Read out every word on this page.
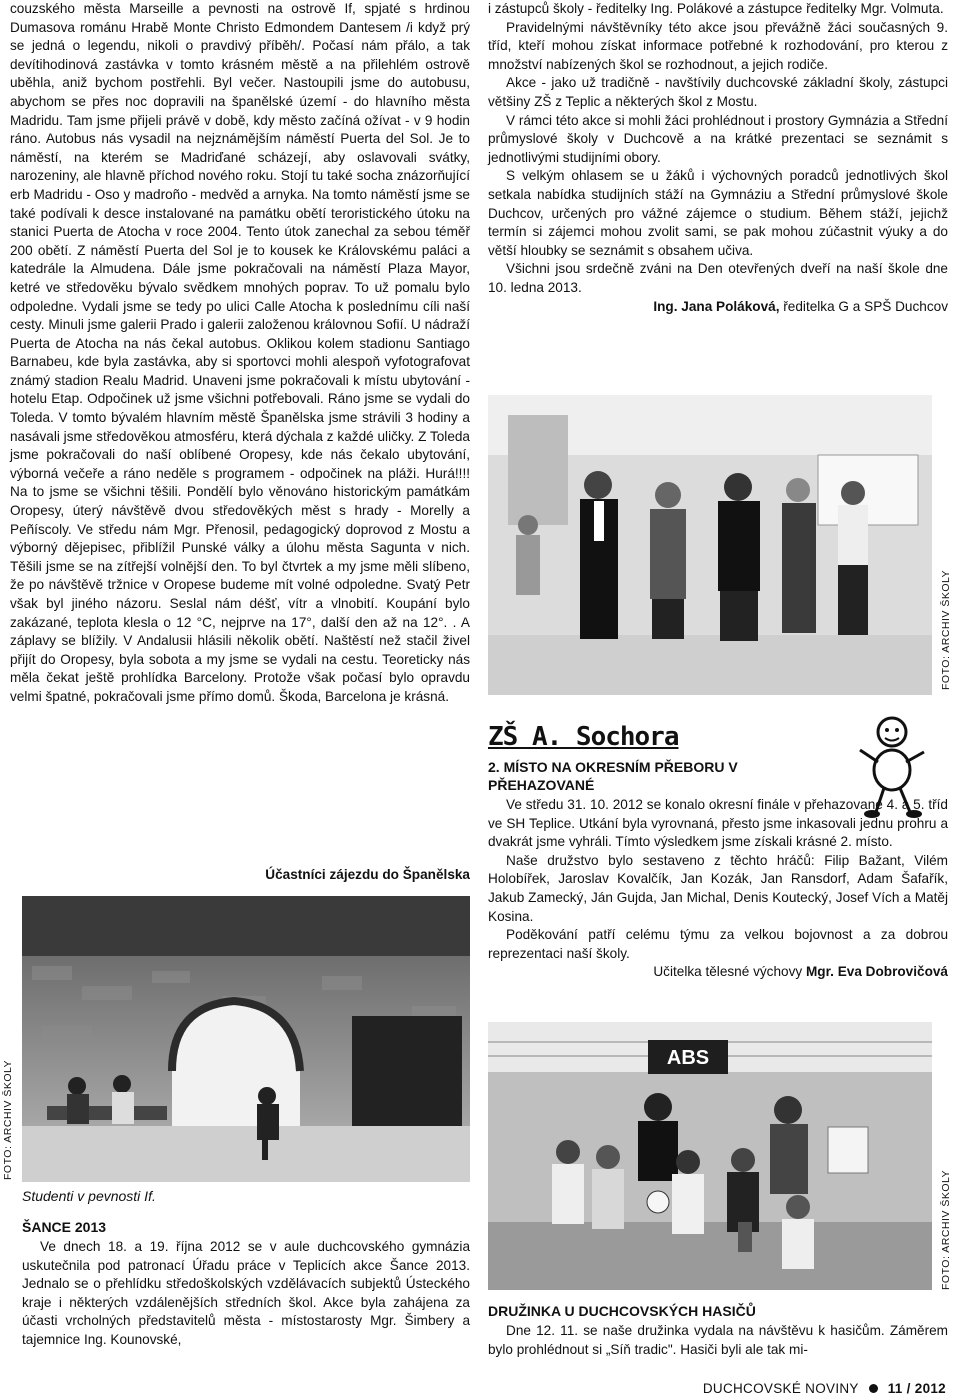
couzského města Marseille a pevnosti na ostrově If, spjaté s hrdinou Dumasova románu Hrabě Monte Christo Edmondem Dantesem /i když prý se jedná o legendu, nikoli o pravdivý příběh/. Počasí nám přálo, a tak devítihodinová zastávka v tomto krásném městě a na přilehlém ostrově uběhla, aniž bychom postřehli. Byl večer. Nastoupili jsme do autobusu, abychom se přes noc dopravili na španělské území - do hlavního města Madridu. Tam jsme přijeli právě v době, kdy město začíná ožívat - v 9 hodin ráno. Autobus nás vysadil na nejznámějším náměstí Puerta del Sol. Je to náměstí, na kterém se Madriďané scházejí, aby oslavovali svátky, narozeniny, ale hlavně příchod nového roku. Stojí tu také socha znázorňující erb Madridu - Oso y madroño - medvěd a arnyka. Na tomto náměstí jsme se také podívali k desce instalované na památku obětí teroristického útoku na stanici Puerta de Atocha v roce 2004. Tento útok zanechal za sebou téměř 200 obětí. Z náměstí Puerta del Sol je to kousek ke Královskému paláci a katedrále la Almudena. Dále jsme pokračovali na náměstí Plaza Mayor, ketré ve středověku bývalo svědkem mnohých poprav. To už pomalu bylo odpoledne. Vydali jsme se tedy po ulici Calle Atocha k poslednímu cíli naší cesty. Minuli jsme galerii Prado i galerii založenou královnou Sofií. U nádraží Puerta de Atocha na nás čekal autobus. Oklikou kolem stadionu Santiago Barnabeu, kde byla zastávka, aby si sportovci mohli alespoň vyfotografovat známý stadion Realu Madrid. Unaveni jsme pokračovali k místu ubytování - hotelu Etap. Odpočinek už jsme všichni potřebovali. Ráno jsme se vydali do Toleda. V tomto bývalém hlavním městě Španělska jsme strávili 3 hodiny a nasávali jsme středověkou atmosféru, která dýchala z každé uličky. Z Toleda jsme pokračovali do naší oblíbené Oropesy, kde nás čekalo ubytování, výborná večeře a ráno neděle s programem - odpočinek na pláži. Hurá!!!! Na to jsme se všichni těšili. Pondělí bylo věnováno historickým památkám Oropesy, úterý návštěvě dvou středověkých měst s hrady - Morelly a Peñíscoly. Ve středu nám Mgr. Přenosil, pedagogický doprovod z Mostu a výborný dějepisec, přiblížil Punské války a úlohu města Sagunta v nich. Těšili jsme se na zítřejší volnější den. To byl čtvrtek a my jsme měli slíbeno, že po návštěvě tržnice v Oropese budeme mít volné odpoledne. Svatý Petr však byl jiného názoru. Seslal nám déšť, vítr a vlnobití. Koupání bylo zakázané, teplota klesla o 12 °C, nejprve na 17°, další den až na 12°. . A záplavy se blížily. V Andalusii hlásili několik obětí. Naštěstí než stačil živel přijít do Oropesy, byla sobota a my jsme se vydali na cestu. Teoreticky nás měla čekat ještě prohlídka Barcelony. Protože však počasí bylo opravdu velmi špatné, pokračovali jsme přímo domů. Škoda, Barcelona je krásná.

Účastníci zájezdu do Španělska

FOTO: ARCHIV ŠKOLY

Studenti v pevnosti If.

ŠANCE 2013

Ve dnech 18. a 19. října 2012 se v aule duchcovského gymnázia uskutečnila pod patronací Úřadu práce v Teplicích akce Šance 2013. Jednalo se o přehlídku středoškolských vzdělávacích subjektů Ústeckého kraje i některých vzdálenějších středních škol. Akce byla zahájena za účasti vrcholných představitelů města - místostarosty Mgr. Šimbery a tajemnice Ing. Kounovské,

i zástupců školy - ředitelky Ing. Polákové a zástupce ředitelky Mgr. Volmuta.

Pravidelnými návštěvníky této akce jsou převážně žáci současných 9. tříd, kteří mohou získat informace potřebné k rozhodování, pro kterou z množství nabízených škol se rozhodnout, a jejich rodiče.

Akce - jako už tradičně - navštívily duchcovské základní školy, zástupci většiny ZŠ z Teplic a některých škol z Mostu.

V rámci této akce si mohli žáci prohlédnout i prostory Gymnázia a Střední průmyslové školy v Duchcově a na krátké prezentaci se seznámit s jednotlivými studijními obory.

S velkým ohlasem se u žáků i výchovných poradců jednotlivých škol setkala nabídka studijních stáží na Gymnáziu a Střední průmyslové škole Duchcov, určených pro vážné zájemce o studium. Během stáží, jejichž termín si zájemci mohou zvolit sami, se pak mohou zúčastnit výuky a do větší hloubky se seznámit s obsahem učiva.

Všichni jsou srdečně zváni na Den otevřených dveří na naší škole dne 10. ledna 2013.

Ing. Jana Poláková, ředitelka G a SPŠ Duchcov

FOTO: ARCHIV ŠKOLY
ZŠ A. Sochora

2. MÍSTO NA OKRESNÍM PŘEBORU V PŘEHAZOVANÉ

Ve středu 31. 10. 2012 se konalo okresní finále v přehazované 4. a 5. tříd ve SH Teplice. Utkání byla vyrovnaná, přesto jsme inkasovali jednu prohru a dvakrát jsme vyhráli. Tímto výsledkem jsme získali krásné 2. místo.

Naše družstvo bylo sestaveno z těchto hráčů: Filip Bažant, Vilém Holobířek, Jaroslav Kovalčík, Jan Kozák, Jan Ransdorf, Adam Šafařík, Jakub Zamecký, Ján Gujda, Jan Michal, Denis Koutecký, Josef Vích a Matěj Kosina.

Poděkování patří celému týmu za velkou bojovnost a za dobrou reprezentaci naší školy.

Učitelka tělesné výchovy Mgr. Eva Dobrovičová

ABS
FOTO: ARCHIV ŠKOLY

DRUŽINKA U DUCHCOVSKÝCH HASIČŮ

Dne 12. 11. se naše družinka vydala na návštěvu k hasičům. Záměrem bylo prohlédnout si „Síň tradic". Hasiči byli ale tak mi-

DUCHCOVSKÉ NOVINY 11 / 2012
